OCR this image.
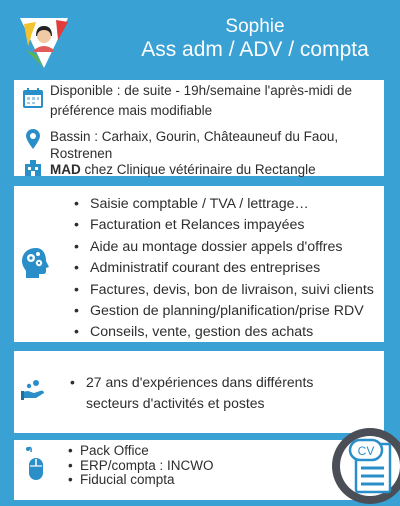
Sophie
Ass adm / ADV / compta
Disponible : de suite - 19h/semaine l'après-midi de
préférence mais modifiable
Bassin : Carhaix, Gourin, Châteauneuf du Faou,
Rostrenen
MAD chez Clinique vétérinaire du Rectangle
• Saisie comptable / TVA / lettrage…
• Facturation et Relances impayées
• Aide au montage dossier appels d'offres
• Administratif courant des entreprises
• Factures, devis, bon de livraison, suivi clients
• Gestion de planning/planification/prise RDV
• Conseils, vente, gestion des achats
• 27 ans d'expériences dans différents
secteurs d'activités et postes
• Pack Office
• ERP/compta : INCWO
• Fiducial compta
CV
